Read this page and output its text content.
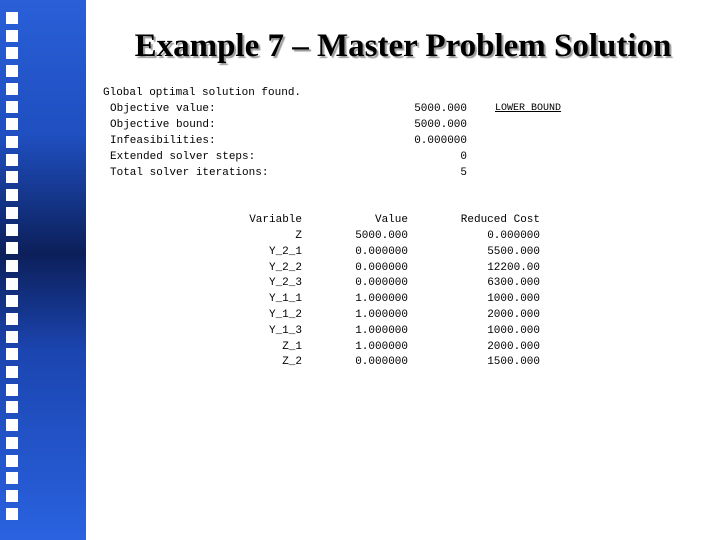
Example 7 – Master Problem Solution
Global optimal solution found.
Objective value:	5000.000
Objective bound:	5000.000
Infeasibilities:	0.000000
Extended solver steps:	0
Total solver iterations:	5
LOWER BOUND
Variable	Value	Reduced Cost
Z	5000.000	0.000000
Y_2_1	0.000000	5500.000
Y_2_2	0.000000	12200.00
Y_2_3	0.000000	6300.000
Y_1_1	1.000000	1000.000
Y_1_2	1.000000	2000.000
Y_1_3	1.000000	1000.000
Z_1	1.000000	2000.000
Z_2	0.000000	1500.000
